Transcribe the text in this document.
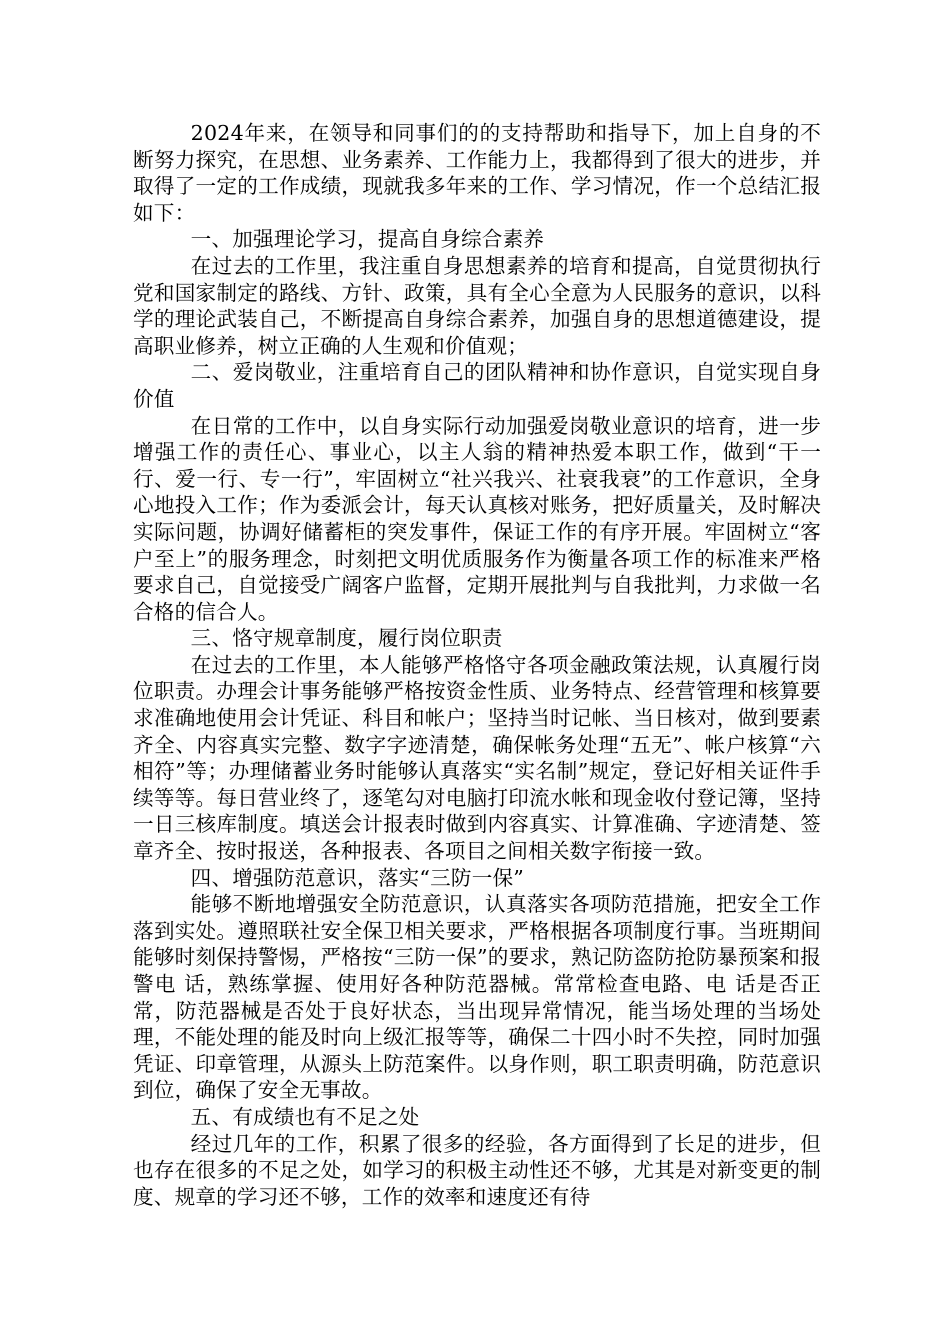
2024年来，在领导和同事们的的支持帮助和指导下，加上自身的不断努力探究，在思想、业务素养、工作能力上，我都得到了很大的进步，并取得了一定的工作成绩，现就我多年来的工作、学习情况，作一个总结汇报如下：

一、加强理论学习，提高自身综合素养

在过去的工作里，我注重自身思想素养的培育和提高，自觉贯彻执行党和国家制定的路线、方针、政策，具有全心全意为人民服务的意识，以科学的理论武装自己，不断提高自身综合素养，加强自身的思想道德建设，提高职业修养，树立正确的人生观和价值观；

二、爱岗敬业，注重培育自己的团队精神和协作意识，自觉实现自身价值

在日常的工作中，以自身实际行动加强爱岗敬业意识的培育，进一步增强工作的责任心、事业心，以主人翁的精神热爱本职工作，做到“干一行、爱一行、专一行”，牢固树立“社兴我兴、社衰我衰”的工作意识，全身心地投入工作；作为委派会计，每天认真核对账务，把好质量关，及时解决实际问题，协调好储蓄柜的突发事件，保证工作的有序开展。牢固树立“客户至上”的服务理念，时刻把文明优质服务作为衡量各项工作的标准来严格要求自己，自觉接受广阔客户监督，定期开展批判与自我批判，力求做一名合格的信合人。

三、恪守规章制度，履行岗位职责

在过去的工作里，本人能够严格恪守各项金融政策法规，认真履行岗位职责。办理会计事务能够严格按资金性质、业务特点、经营管理和核算要求准确地使用会计凭证、科目和帐户；坚持当时记帐、当日核对，做到要素齐全、内容真实完整、数字字迹清楚，确保帐务处理“五无”、帐户核算“六相符”等；办理储蓄业务时能够认真落实“实名制”规定，登记好相关证件手续等等。每日营业终了，逐笔勾对电脑打印流水帐和现金收付登记簿，坚持一日三核库制度。填送会计报表时做到内容真实、计算准确、字迹清楚、签章齐全、按时报送，各种报表、各项目之间相关数字衔接一致。

四、增强防范意识，落实“三防一保”

能够不断地增强安全防范意识，认真落实各项防范措施，把安全工作落到实处。遵照联社安全保卫相关要求，严格根据各项制度行事。当班期间能够时刻保持警惕，严格按“三防一保”的要求，熟记防盗防抢防暴预案和报警电 话，熟练掌握、使用好各种防范器械。常常检查电路、电 话是否正常，防范器械是否处于良好状态，当出现异常情况，能当场处理的当场处理，不能处理的能及时向上级汇报等等，确保二十四小时不失控，同时加强凭证、印章管理，从源头上防范案件。以身作则，职工职责明确，防范意识到位，确保了安全无事故。

五、有成绩也有不足之处

经过几年的工作，积累了很多的经验，各方面得到了长足的进步，但也存在很多的不足之处，如学习的积极主动性还不够，尤其是对新变更的制度、规章的学习还不够，工作的效率和速度还有待
